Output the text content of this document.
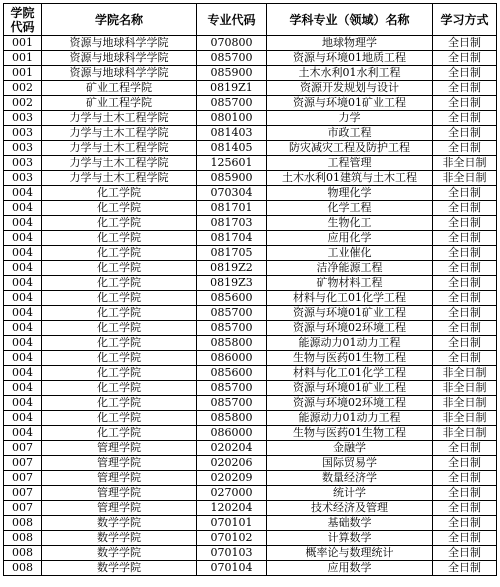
学院代码	学院名称	专业代码	学科专业（领域）名称	学习方式
001	资源与地球科学学院	070800	地球物理学	全日制
001	资源与地球科学学院	085700	资源与环境01地质工程	全日制
001	资源与地球科学学院	085900	土木水利01水利工程	全日制
002	矿业工程学院	0819Z1	资源开发规划与设计	全日制
002	矿业工程学院	085700	资源与环境01矿业工程	全日制
003	力学与土木工程学院	080100	力学	全日制
003	力学与土木工程学院	081403	市政工程	全日制
003	力学与土木工程学院	081405	防灾减灾工程及防护工程	全日制
003	力学与土木工程学院	125601	工程管理	非全日制
003	力学与土木工程学院	085900	土木水利01建筑与土木工程	非全日制
004	化工学院	070304	物理化学	全日制
004	化工学院	081701	化学工程	全日制
004	化工学院	081703	生物化工	全日制
004	化工学院	081704	应用化学	全日制
004	化工学院	081705	工业催化	全日制
004	化工学院	0819Z2	洁净能源工程	全日制
004	化工学院	0819Z3	矿物材料工程	全日制
004	化工学院	085600	材料与化工01化学工程	全日制
004	化工学院	085700	资源与环境01矿业工程	全日制
004	化工学院	085700	资源与环境02环境工程	全日制
004	化工学院	085800	能源动力01动力工程	全日制
004	化工学院	086000	生物与医药01生物工程	全日制
004	化工学院	085600	材料与化工01化学工程	非全日制
004	化工学院	085700	资源与环境01矿业工程	非全日制
004	化工学院	085700	资源与环境02环境工程	非全日制
004	化工学院	085800	能源动力01动力工程	非全日制
004	化工学院	086000	生物与医药01生物工程	非全日制
007	管理学院	020204	金融学	全日制
007	管理学院	020206	国际贸易学	全日制
007	管理学院	020209	数量经济学	全日制
007	管理学院	027000	统计学	全日制
007	管理学院	120204	技术经济及管理	全日制
008	数学学院	070101	基础数学	全日制
008	数学学院	070102	计算数学	全日制
008	数学学院	070103	概率论与数理统计	全日制
008	数学学院	070104	应用数学	全日制
